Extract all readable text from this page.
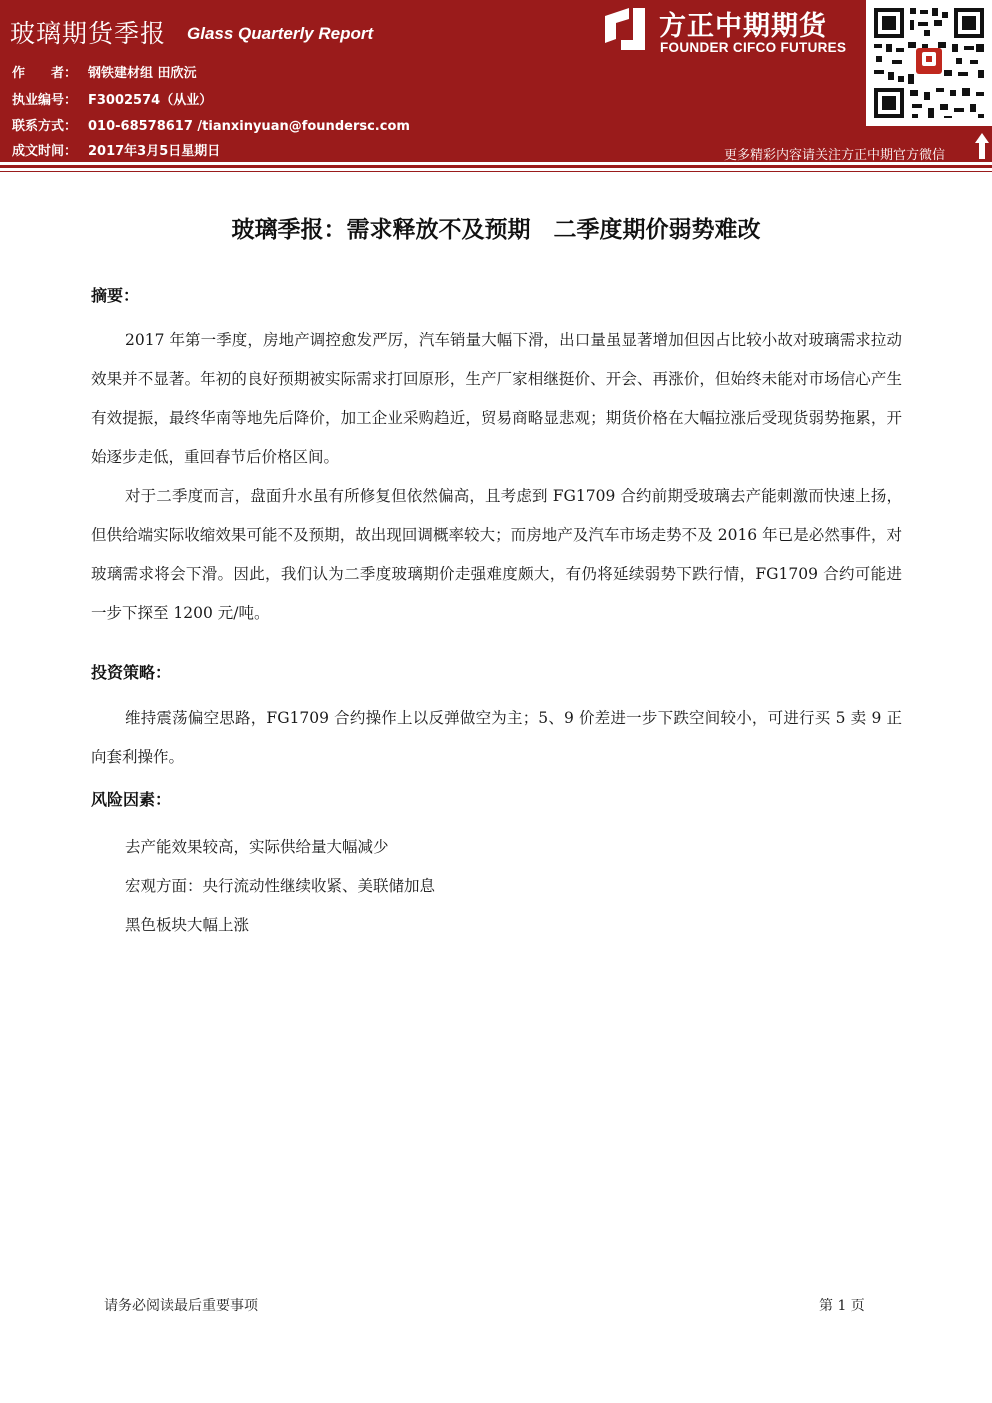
玻璃期货季报 Glass Quarterly Report
作　　者： 钢铁建材组 田欣沅
执业编号： F3002574（从业）
联系方式： 010-68578617 /tianxinyuan@foundersc.com
成文时间： 2017年3月5日星期日
方正中期期货
FOUNDER CIFCO FUTURES
更多精彩内容请关注方正中期官方微信
玻璃季报：需求释放不及预期　二季度期价弱势难改
摘要：

2017 年第一季度，房地产调控愈发严厉，汽车销量大幅下滑，出口量虽显著增加但因占比较小故对玻璃需求拉动效果并不显著。年初的良好预期被实际需求打回原形，生产厂家相继挺价、开会、再涨价，但始终未能对市场信心产生有效提振，最终华南等地先后降价，加工企业采购趋近，贸易商略显悲观；期货价格在大幅拉涨后受现货弱势拖累，开始逐步走低，重回春节后价格区间。

对于二季度而言，盘面升水虽有所修复但依然偏高，且考虑到 FG1709 合约前期受玻璃去产能刺激而快速上扬，但供给端实际收缩效果可能不及预期，故出现回调概率较大；而房地产及汽车市场走势不及 2016 年已是必然事件，对玻璃需求将会下滑。因此，我们认为二季度玻璃期价走强难度颇大，有仍将延续弱势下跌行情，FG1709 合约可能进一步下探至 1200 元/吨。

投资策略：

维持震荡偏空思路，FG1709 合约操作上以反弹做空为主；5、9 价差进一步下跌空间较小，可进行买 5 卖 9 正向套利操作。

风险因素：
去产能效果较高，实际供给量大幅减少
宏观方面：央行流动性继续收紧、美联储加息
黑色板块大幅上涨
请务必阅读最后重要事项	第 1 页
